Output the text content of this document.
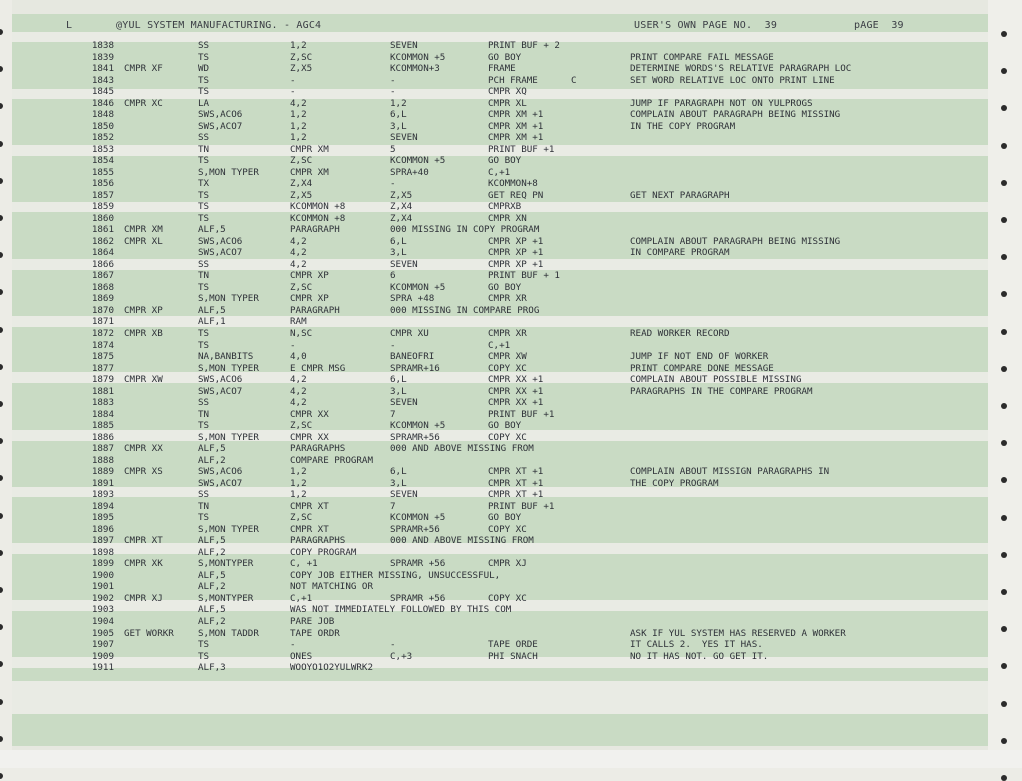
L	@YUL SYSTEM MANUFACTURING. - AGC4	USER'S OWN PAGE NO.  39	pAGE  39
1838	SS	1,2	SEVEN	PRINT BUF + 2
1839	TS	Z,SC	KCOMMON +5	GO BOY	PRINT COMPARE FAIL MESSAGE
1841 CMPR XF	WD	Z,X5	KCOMMON+3	FRAME	DETERMINE WORDS'S RELATIVE PARAGRAPH LOC
1843	TS	-	-	PCH FRAME      C	SET WORD RELATIVE LOC ONTO PRINT LINE
1845	TS	-	-	CMPR XQ
1846 CMPR XC	LA	4,2	1,2	CMPR XL	JUMP IF PARAGRAPH NOT ON YULPROGS
1848	SWS,ACO6	1,2	6,L	CMPR XM +1	COMPLAIN ABOUT PARAGRAPH BEING MISSING
1850	SWS,ACO7	1,2	3,L	CMPR XM +1	IN THE COPY PROGRAM
1852	SS	1,2	SEVEN	CMPR XM +1
1853	TN	CMPR XM	5	PRINT BUF +1
1854	TS	Z,SC	KCOMMON +5	GO BOY
1855	S,MON TYPER	CMPR XM	SPRA+40	C,+1
1856	TX	Z,X4	-	KCOMMON+8
1857	TS	Z,X5	Z,X5	GET REQ PN	GET NEXT PARAGRAPH
1859	TS	KCOMMON +8	Z,X4	CMPRXB
1860	TS	KCOMMON +8	Z,X4	CMPR XN
1861 CMPR XM	ALF,5	PARAGRAPH	000 MISSING IN COPY PROGRAM
1862 CMPR XL	SWS,ACO6	4,2	6,L	CMPR XP +1	COMPLAIN ABOUT PARAGRAPH BEING MISSING
1864	SWS,ACO7	4,2	3,L	CMPR XP +1	IN COMPARE PROGRAM
1866	SS	4,2	SEVEN	CMPR XP +1
1867	TN	CMPR XP	6	PRINT BUF + 1
1868	TS	Z,SC	KCOMMON +5	GO BOY
1869	S,MON TYPER	CMPR XP	SPRA +48	CMPR XR
1870 CMPR XP	ALF,5	PARAGRAPH	000 MISSING IN COMPARE PROG
1871	ALF,1	RAM
1872 CMPR XB	TS	N,SC	CMPR XU	CMPR XR	READ WORKER RECORD
1874	TS	-	-	C,+1
1875	NA,BANBITS	4,0	BANEOFRI	CMPR XW	JUMP IF NOT END OF WORKER
1877	S,MON TYPER	E CMPR MSG	SPRAMR+16	COPY XC	PRINT COMPARE DONE MESSAGE
1879 CMPR XW	SWS,ACO6	4,2	6,L	CMPR XX +1	COMPLAIN ABOUT POSSIBLE MISSING
1881	SWS,ACO7	4,2	3,L	CMPR XX +1	PARAGRAPHS IN THE COMPARE PROGRAM
1883	SS	4,2	SEVEN	CMPR XX +1
1884	TN	CMPR XX	7	PRINT BUF +1
1885	TS	Z,SC	KCOMMON +5	GO BOY
1886	S,MON TYPER	CMPR XX	SPRAMR+56	COPY XC
1887 CMPR XX	ALF,5	PARAGRAPHS	000 AND ABOVE MISSING FROM
1888	ALF,2	COMPARE PROGRAM
1889 CMPR XS	SWS,ACO6	1,2	6,L	CMPR XT +1	COMPLAIN ABOUT MISSIGN PARAGRAPHS IN
1891	SWS,ACO7	1,2	3,L	CMPR XT +1	THE COPY PROGRAM
1893	SS	1,2	SEVEN	CMPR XT +1
1894	TN	CMPR XT	7	PRINT BUF +1
1895	TS	Z,SC	KCOMMON +5	GO BOY
1896	S,MON TYPER	CMPR XT	SPRAMR+56	COPY XC
1897 CMPR XT	ALF,5	PARAGRAPHS	000 AND ABOVE MISSING FROM
1898	ALF,2	COPY PROGRAM
1899 CMPR XK	S,MONTYPER	C, +1	SPRAMR +56	CMPR XJ
1900	ALF,5	COPY JOB EITHER MISSING, UNSUCCESSFUL,
1901	ALF,2	NOT MATCHING OR
1902 CMPR XJ	S,MONTYPER	C,+1	SPRAMR +56	COPY XC
1903	ALF,5	WAS NOT IMMEDIATELY FOLLOWED BY THIS COM
1904	ALF,2	PARE JOB
1905 GET WORKR	S,MON TADDR	TAPE ORDR	ASK IF YUL SYSTEM HAS RESERVED A WORKER
1907	TS	-	-	TAPE ORDE	IT CALLS 2.  YES IT HAS.
1909	TS	ONES	C,+3	PHI SNACH	NO IT HAS NOT. GO GET IT.
1911	ALF,3	WOOYO1O2YULWRK2
